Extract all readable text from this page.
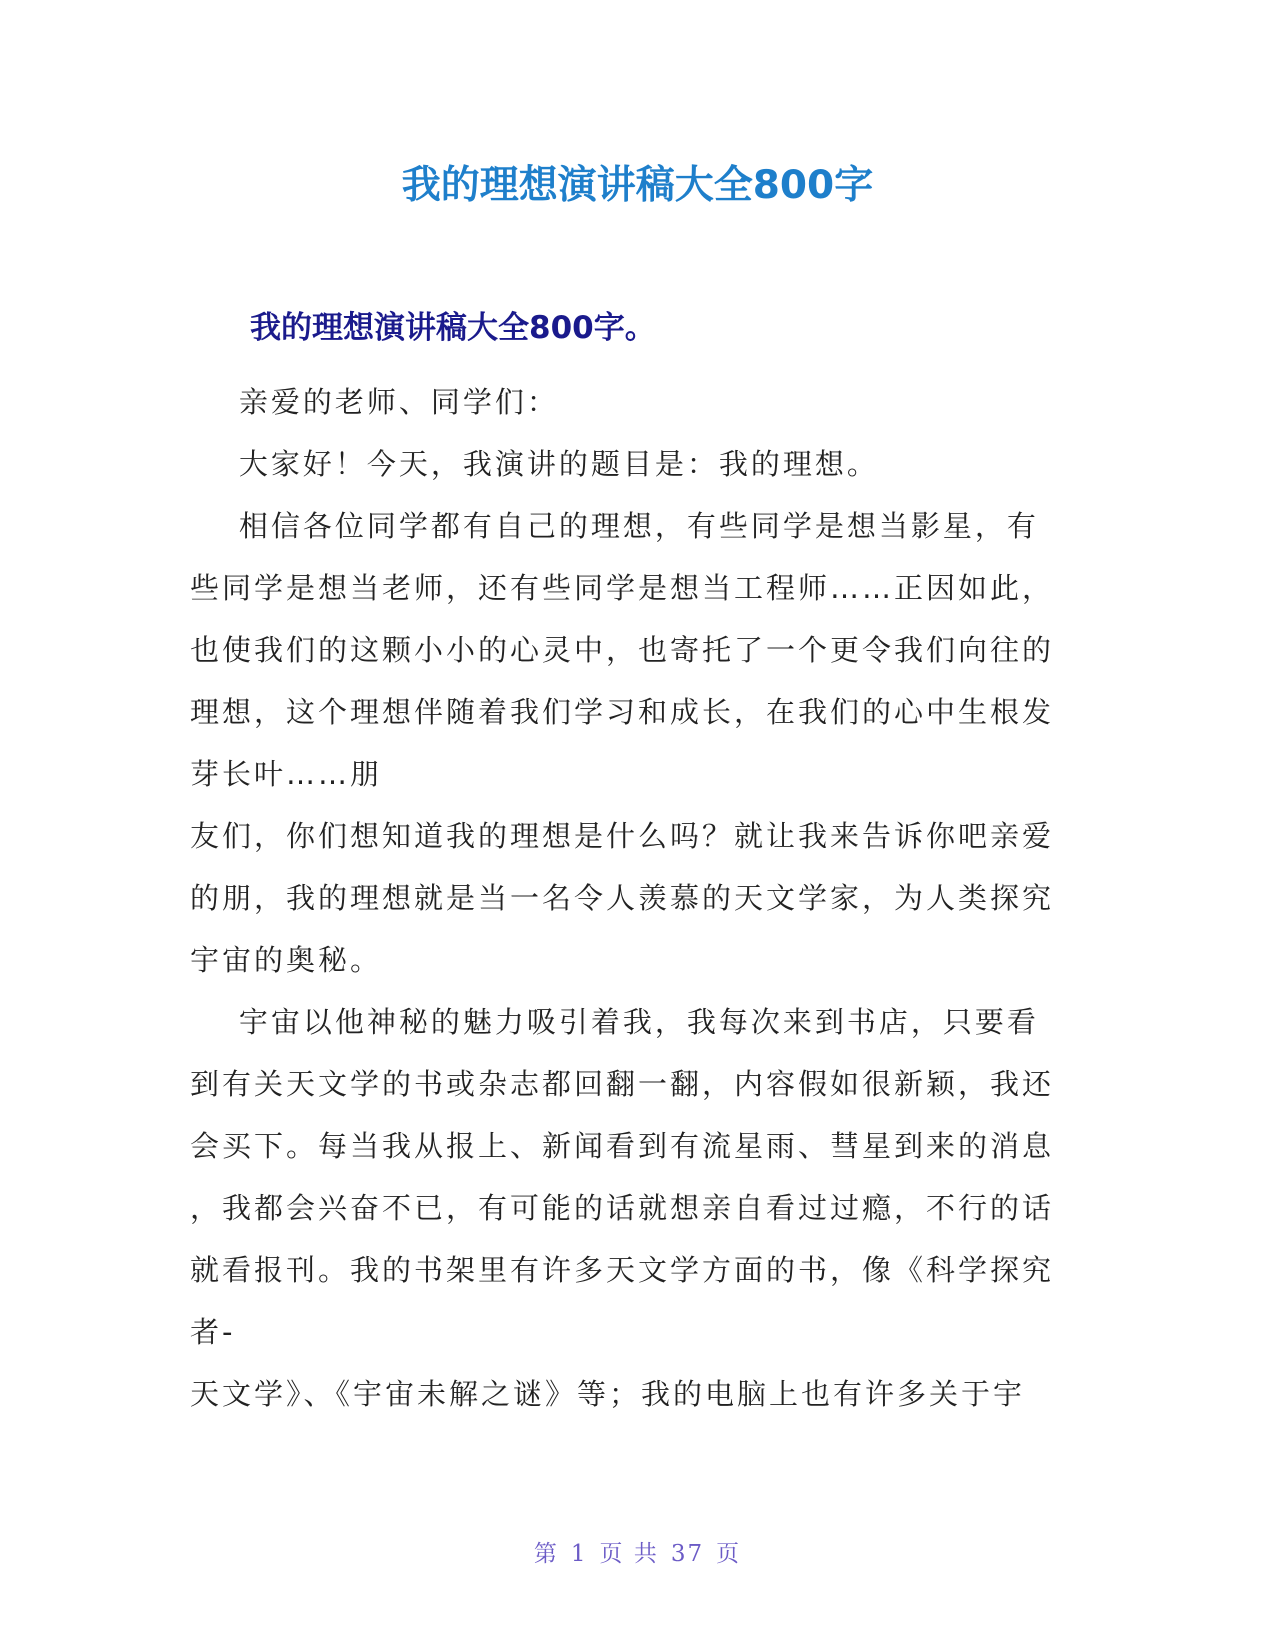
我的理想演讲稿大全800字
我的理想演讲稿大全800字。
亲爱的老师、同学们：
大家好！今天，我演讲的题目是：我的理想。
相信各位同学都有自己的理想，有些同学是想当影星，有
些同学是想当老师，还有些同学是想当工程师……正因如此，
也使我们的这颗小小的心灵中，也寄托了一个更令我们向往的
理想，这个理想伴随着我们学习和成长，在我们的心中生根发
芽长叶……朋
友们，你们想知道我的理想是什么吗？就让我来告诉你吧亲爱
的朋，我的理想就是当一名令人羡慕的天文学家，为人类探究
宇宙的奥秘。
宇宙以他神秘的魅力吸引着我，我每次来到书店，只要看
到有关天文学的书或杂志都回翻一翻，内容假如很新颖，我还
会买下。每当我从报上、新闻看到有流星雨、彗星到来的消息
，我都会兴奋不已，有可能的话就想亲自看过过瘾，不行的话
就看报刊。我的书架里有许多天文学方面的书，像《科学探究
者-
天文学》、《宇宙未解之谜》等；我的电脑上也有许多关于宇
第 1 页 共 37 页
